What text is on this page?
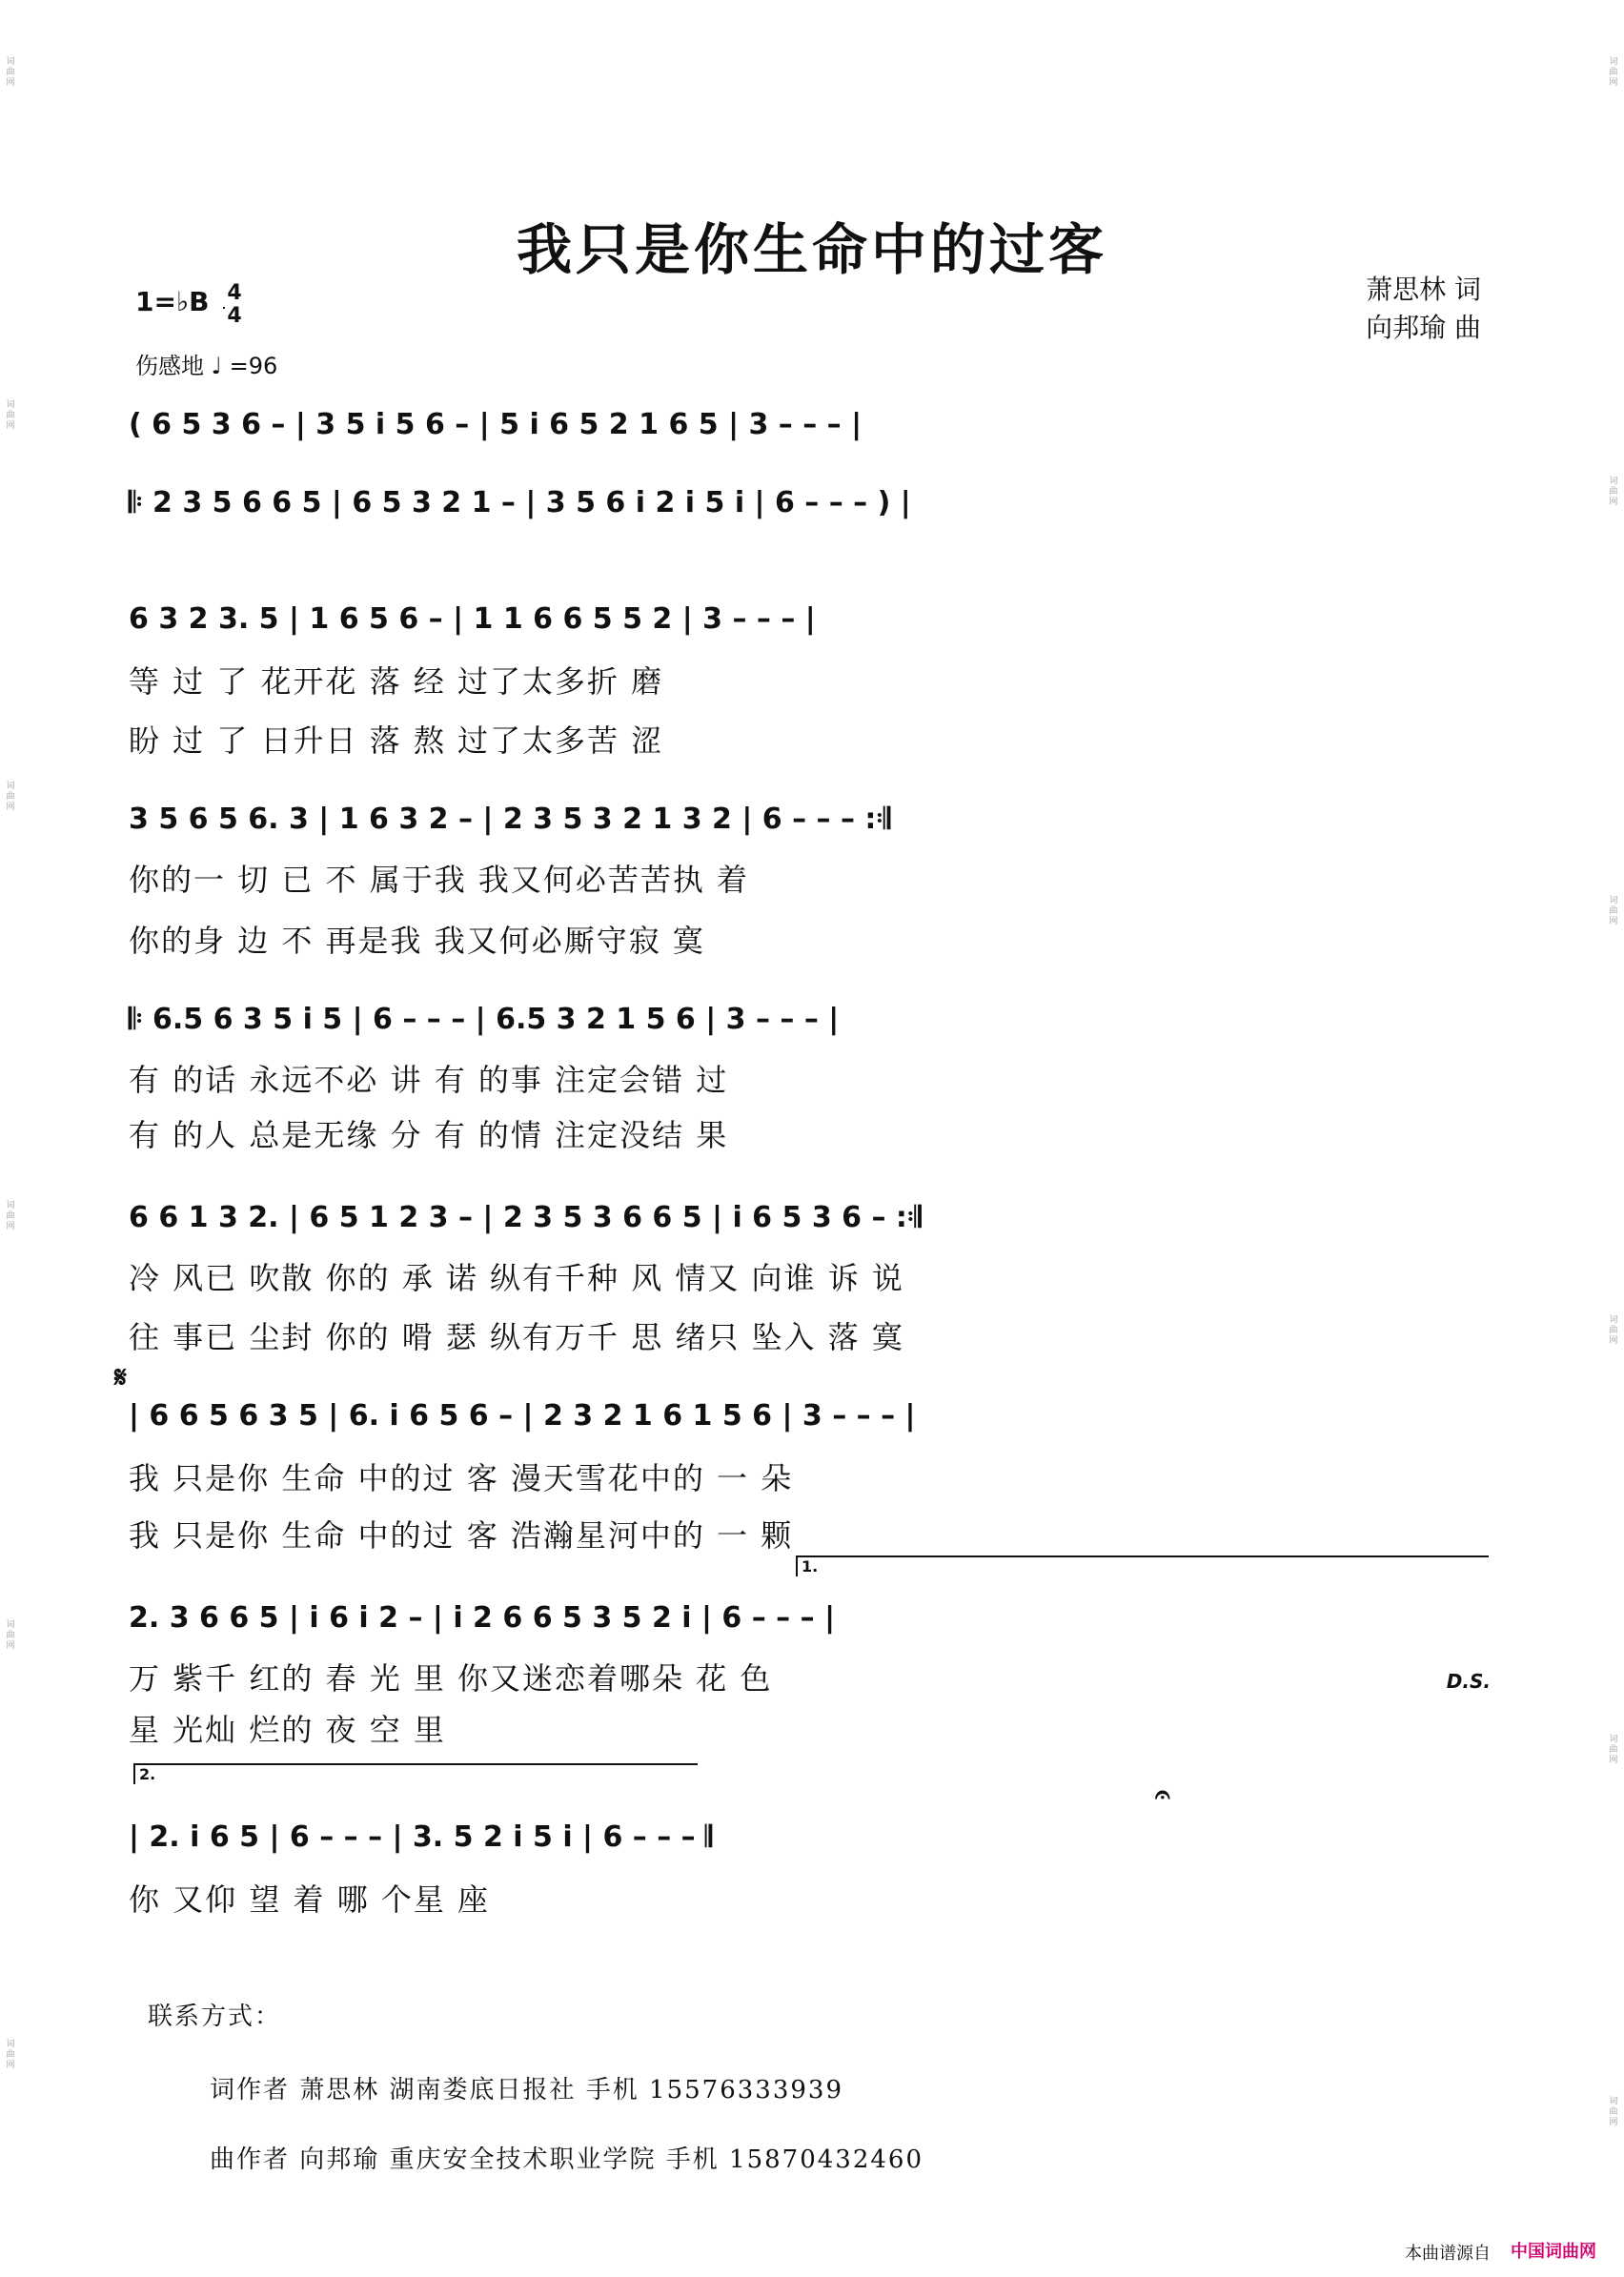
词曲网
词曲网
词曲网
词曲网
词曲网
词曲网
词曲网
词曲网
词曲网
词曲网
词曲网
词曲网
我只是你生命中的过客
萧思林 词
向邦瑜 曲
1=♭B 4
4
伤感地 ♩ =96
( 6 5 3 6 – | 3 5 i 5 6 – | 5 i 6 5 2 1 6 5 | 3 – – – |
𝄆 2 3 5 6 6 5 | 6 5 3 2 1 – | 3 5 6 i 2 i 5 i | 6 – – – ) |
6 3 2 3. 5 | 1 6 5 6 – | 1 1 6 6 5 5 2 | 3 – – – |
等 过 了 花开花 落 经 过了太多折 磨
盼 过 了 日升日 落 熬 过了太多苦 涩
3 5 6 5 6. 3 | 1 6 3 2 – | 2 3 5 3 2 1 3 2 | 6 – – – :𝄇
你的一 切 已 不 属于我 我又何必苦苦执 着
你的身 边 不 再是我 我又何必厮守寂 寞
𝄆 6.5 6 3 5 i 5 | 6 – – – | 6.5 3 2 1 5 6 | 3 – – – |
有 的话 永远不必 讲 有 的事 注定会错 过
有 的人 总是无缘 分 有 的情 注定没结 果
6 6 1 3 2. | 6 5 1 2 3 – | 2 3 5 3 6 6 5 | i 6 5 3 6 – :𝄇
冷 风已 吹散 你的 承 诺 纵有千种 风 情又 向谁 诉 说
往 事已 尘封 你的 嗗 瑟 纵有万千 思 绪只 坠入 落 寞
𝄋
| 6 6 5 6 3 5 | 6. i 6 5 6 – | 2 3 2 1 6 1 5 6 | 3 – – – |
我 只是你 生命 中的过 客 漫天雪花中的 一 朵
我 只是你 生命 中的过 客 浩瀚星河中的 一 颗
1.
2. 3 6 6 5 | i 6 i 2 – | i 2 6 6 5 3 5 2 i | 6 – – – |
万 紫千 红的 春 光 里 你又迷恋着哪朵 花 色
星 光灿 烂的 夜 空 里
D.S.
2.
𝄐
| 2. i 6 5 | 6 – – – | 3. 5 2 i 5 i | 6 – – – 𝄂
你 又仰 望 着 哪 个星 座
联系方式：
词作者 萧思林 湖南娄底日报社 手机 15576333939
曲作者 向邦瑜 重庆安全技术职业学院 手机 15870432460
本曲谱源自 中国词曲网
